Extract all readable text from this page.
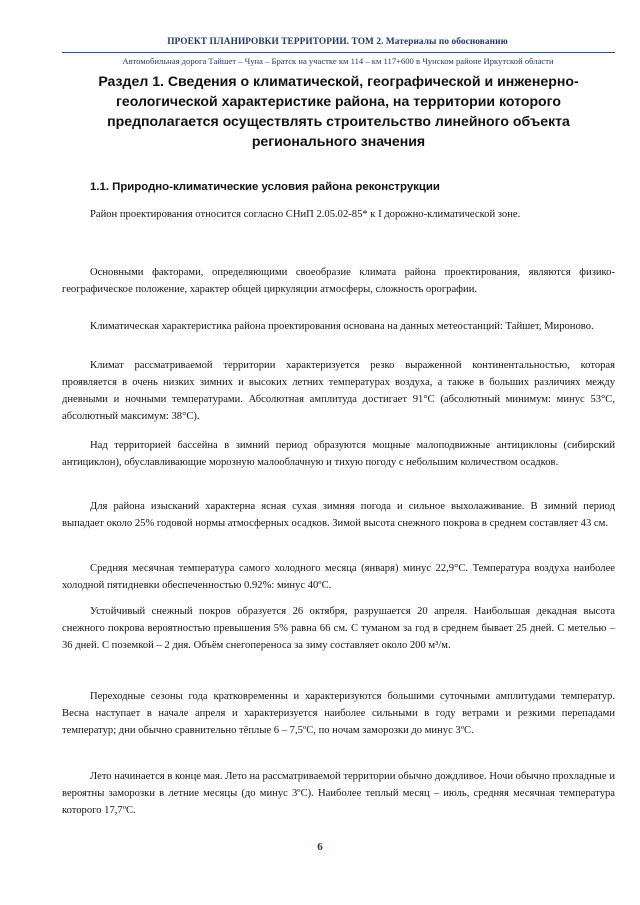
ПРОЕКТ ПЛАНИРОВКИ ТЕРРИТОРИИ. ТОМ 2. Материалы по обоснованию
Автомобильная дорога Тайшет – Чуна – Братск на участке км 114 – км 117+600 в Чунском районе Иркутской области
Раздел 1. Сведения о климатической, географической и инженерно-геологической характеристике района, на территории которого предполагается осуществлять строительство линейного объекта регионального значения
1.1. Природно-климатические условия района реконструкции

Район проектирования относится согласно СНиП 2.05.02-85* к I дорожно-климатической зоне.

Основными факторами, определяющими своеобразие климата района проектирования, являются физико-географическое положение, характер общей циркуляции атмосферы, сложность орографии.

Климатическая характеристика района проектирования основана на данных метеостанций: Тайшет, Мироново.

Климат рассматриваемой территории характеризуется резко выраженной континентальностью, которая проявляется в очень низких зимних и высоких летних температурах воздуха, а также в больших различиях между дневными и ночными температурами. Абсолютная амплитуда достигает 91°С (абсолютный минимум: минус 53°С, абсолютный максимум: 38°С).

Над территорией бассейна в зимний период образуются мощные малоподвижные антициклоны (сибирский антициклон), обуславливающие морозную малооблачную и тихую погоду с небольшим количеством осадков.

Для района изысканий характерна ясная сухая зимняя погода и сильное выхолаживание. В зимний период выпадает около 25% годовой нормы атмосферных осадков. Зимой высота снежного покрова в среднем составляет 43 см.

Средняя месячная температура самого холодного месяца (января) минус 22,9°С. Температура воздуха наиболее холодной пятидневки обеспеченностью 0.92%: минус 40ºС.

Устойчивый снежный покров образуется 26 октября, разрушается 20 апреля. Наибольшая декадная высота снежного покрова вероятностью превышения 5% равна 66 см. С туманом за год в среднем бывает 25 дней. С метелью – 36 дней. С поземкой – 2 дня. Объём снегопереноса за зиму составляет около 200 м³/м.

Переходные сезоны года кратковременны и характеризуются большими суточными амплитудами температур. Весна наступает в начале апреля и характеризуется наиболее сильными в году ветрами и резкими перепадами температур; дни обычно сравнительно тёплые 6 – 7,5ºС, по ночам заморозки до минус 3ºС.

Лето начинается в конце мая. Лето на рассматриваемой территории обычно дождливое. Ночи обычно прохладные и вероятны заморозки в летние месяцы (до минус 3ºС). Наиболее теплый месяц – июль, средняя месячная температура которого 17,7ºС.

6
